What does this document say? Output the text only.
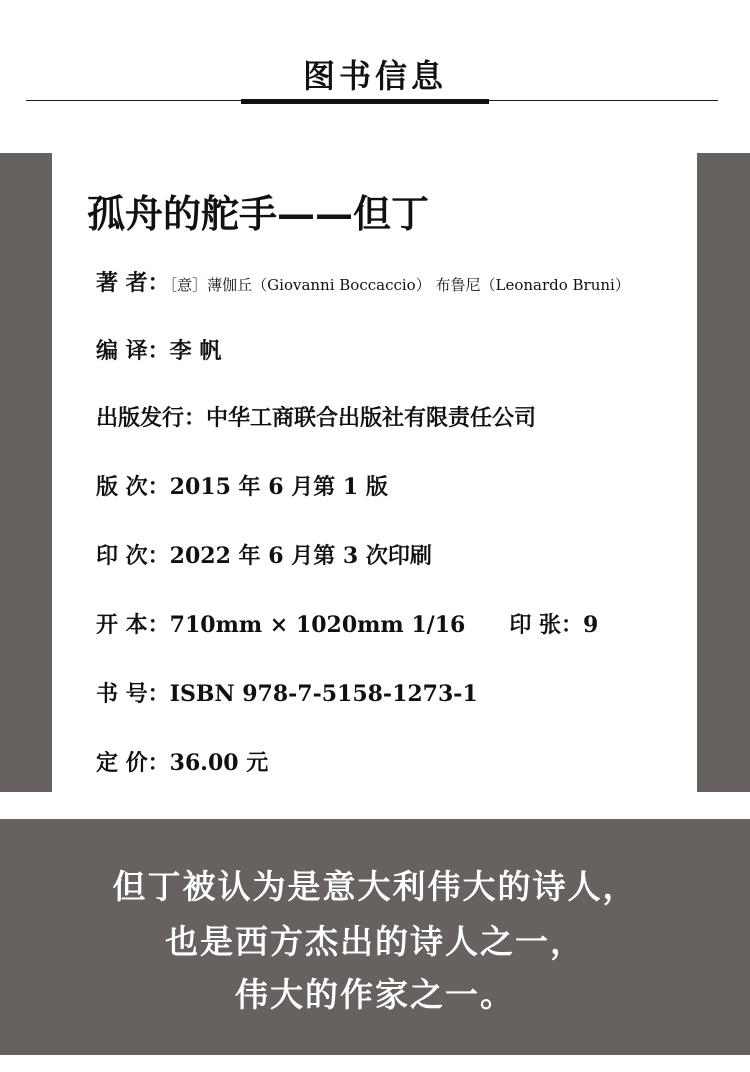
图书信息
孤舟的舵手——但丁
著 者：［意］薄伽丘（Giovanni Boccaccio） 布鲁尼（Leonardo Bruni）
编 译：李 帆
出版发行：中华工商联合出版社有限责任公司
版 次：2015 年 6 月第 1 版
印 次：2022 年 6 月第 3 次印刷
开 本：710mm × 1020mm 1/16 印 张：9
书 号：ISBN 978-7-5158-1273-1
定 价：36.00 元
但丁被认为是意大利伟大的诗人，
也是西方杰出的诗人之一，
伟大的作家之一。
